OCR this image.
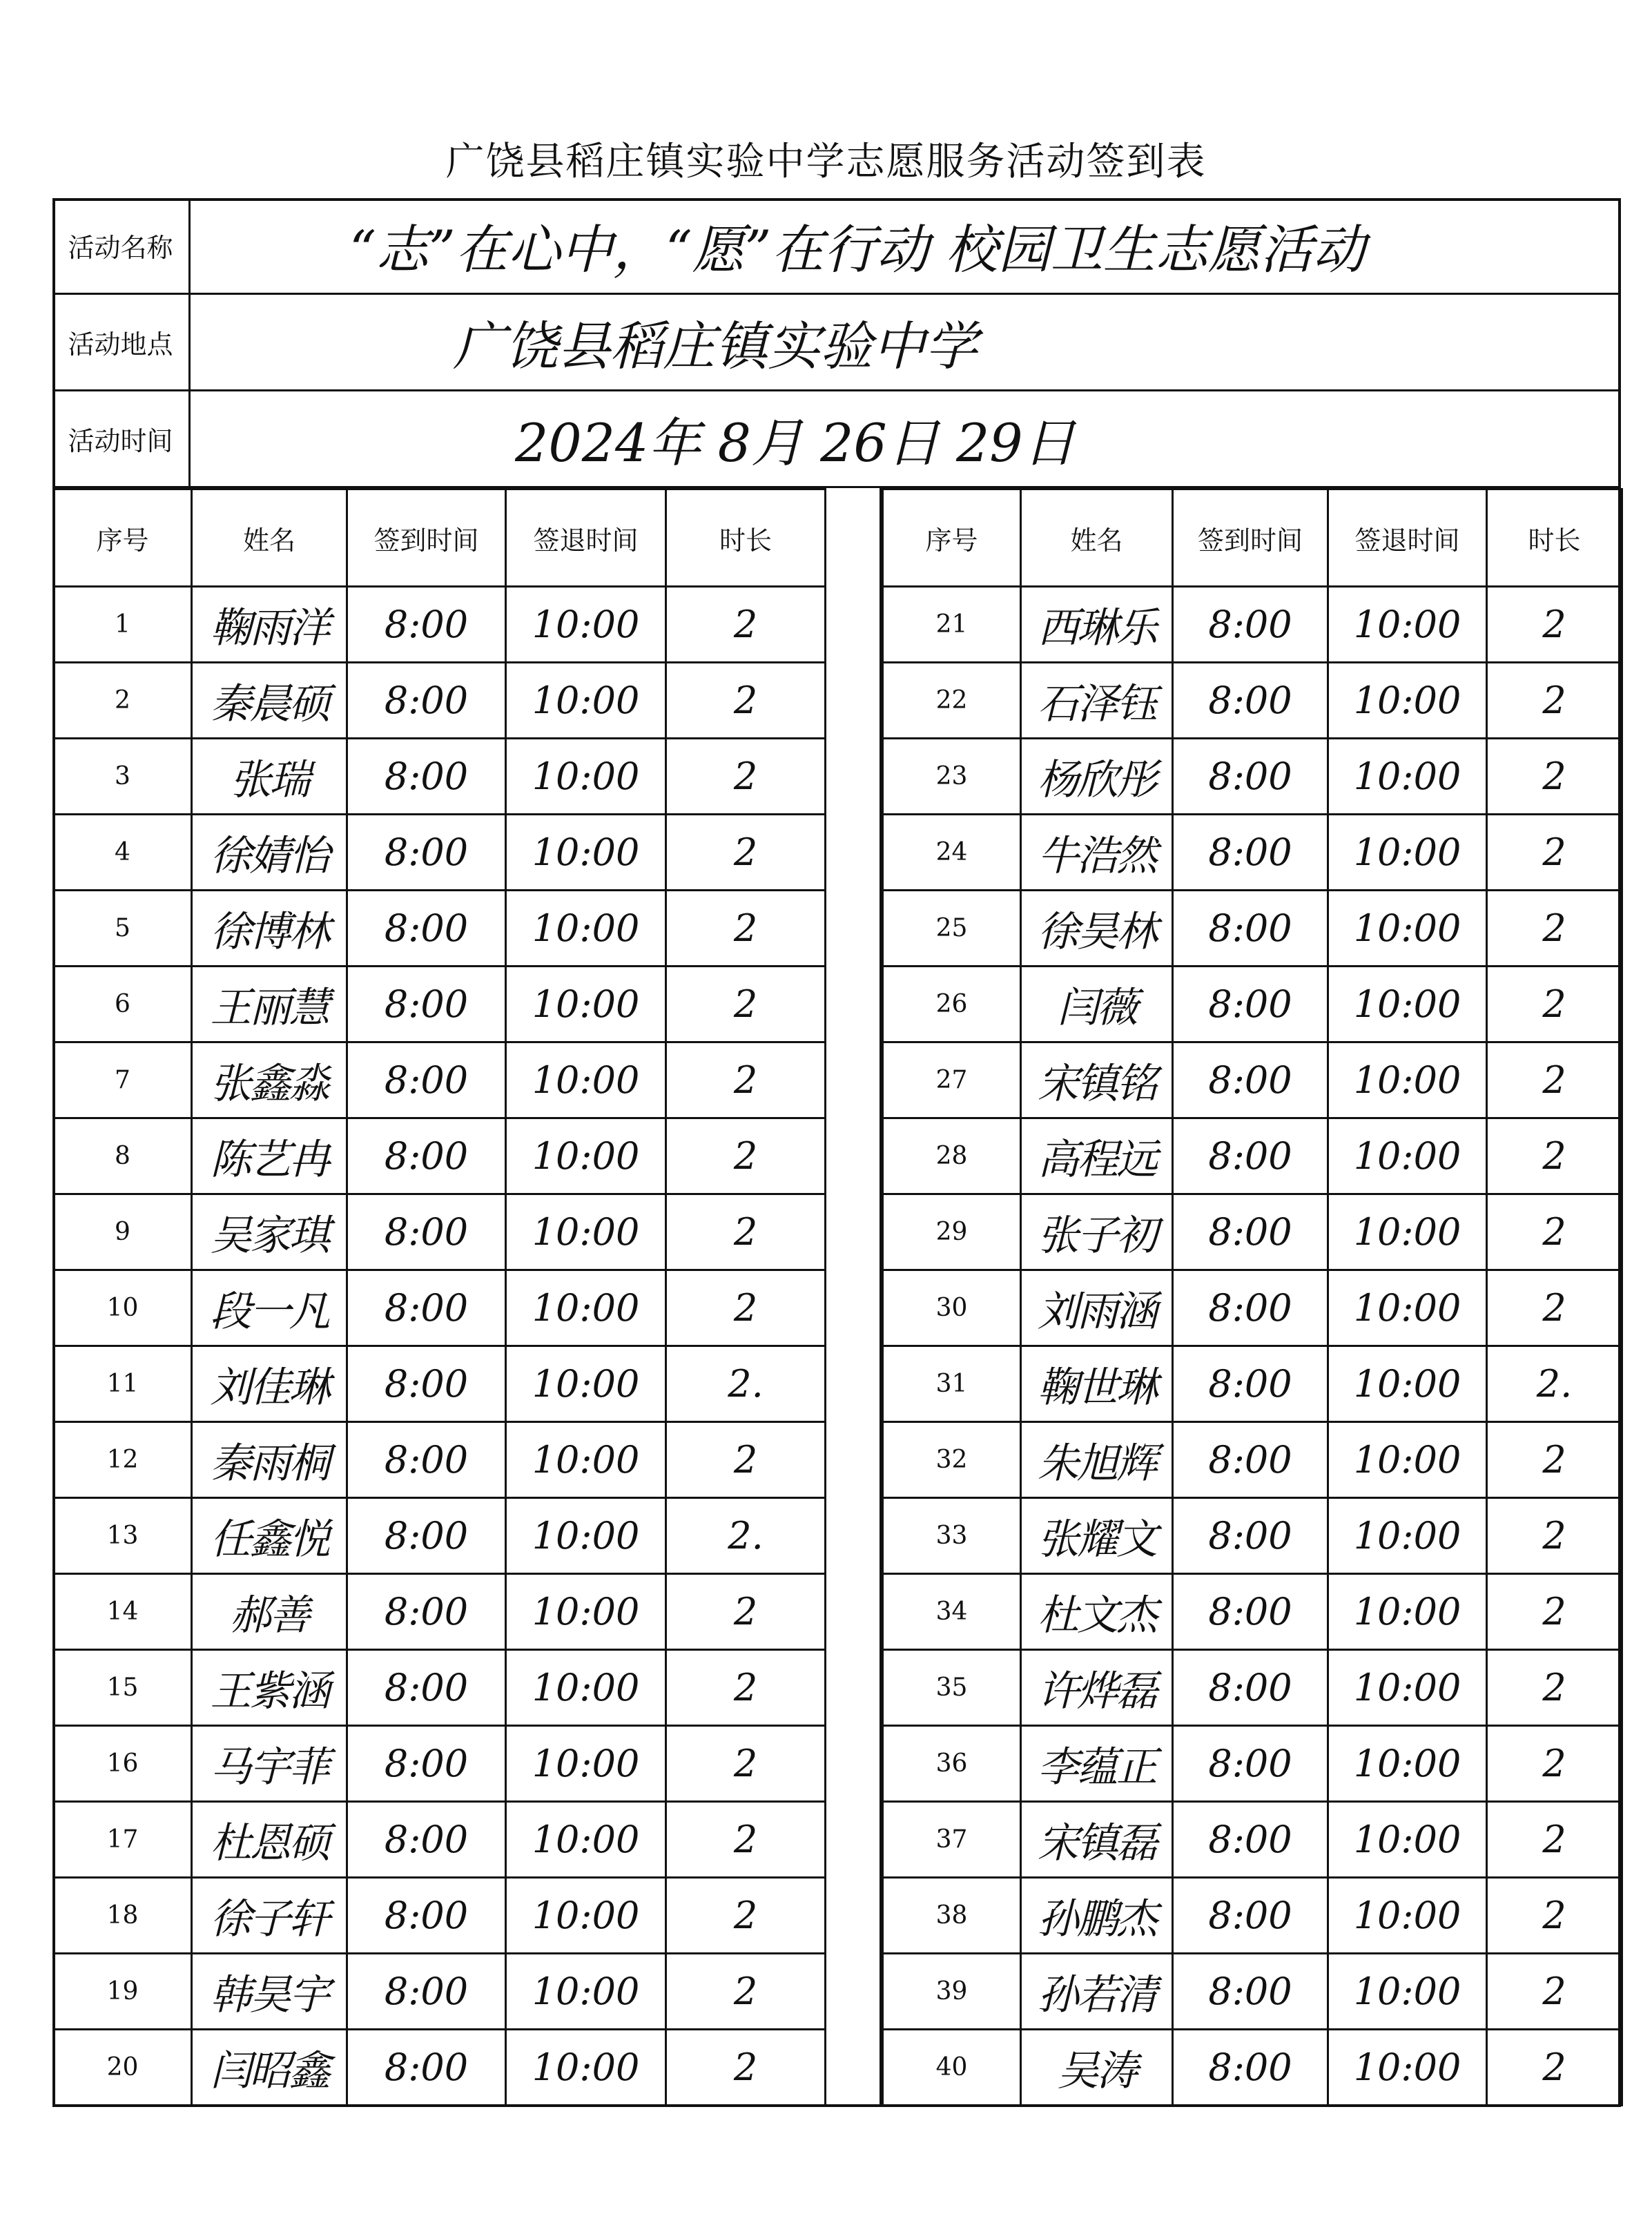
广饶县稻庄镇实验中学志愿服务活动签到表
活动名称	“志”在心中，“愿”在行动 校园卫生志愿活动
活动地点	广饶县稻庄镇实验中学
活动时间	2024年 8月 26日 29日
序号	姓名	签到时间	签退时间	时长
1	鞠雨洋	8:00	10:00	2
2	秦晨硕	8:00	10:00	2
3	张瑞	8:00	10:00	2
4	徐婧怡	8:00	10:00	2
5	徐博林	8:00	10:00	2
6	王丽慧	8:00	10:00	2
7	张鑫淼	8:00	10:00	2
8	陈艺冉	8:00	10:00	2
9	吴家琪	8:00	10:00	2
10	段一凡	8:00	10:00	2
11	刘佳琳	8:00	10:00	2.
12	秦雨桐	8:00	10:00	2
13	任鑫悦	8:00	10:00	2.
14	郝善	8:00	10:00	2
15	王紫涵	8:00	10:00	2
16	马宇菲	8:00	10:00	2
17	杜恩硕	8:00	10:00	2
18	徐子轩	8:00	10:00	2
19	韩昊宇	8:00	10:00	2
20	闫昭鑫	8:00	10:00	2
序号	姓名	签到时间	签退时间	时长
21	西琳乐	8:00	10:00	2
22	石泽钰	8:00	10:00	2
23	杨欣彤	8:00	10:00	2
24	牛浩然	8:00	10:00	2
25	徐昊林	8:00	10:00	2
26	闫薇	8:00	10:00	2
27	宋镇铭	8:00	10:00	2
28	高程远	8:00	10:00	2
29	张子初	8:00	10:00	2
30	刘雨涵	8:00	10:00	2
31	鞠世琳	8:00	10:00	2.
32	朱旭辉	8:00	10:00	2
33	张耀文	8:00	10:00	2
34	杜文杰	8:00	10:00	2
35	许烨磊	8:00	10:00	2
36	李蕴正	8:00	10:00	2
37	宋镇磊	8:00	10:00	2
38	孙鹏杰	8:00	10:00	2
39	孙若清	8:00	10:00	2
40	吴涛	8:00	10:00	2
